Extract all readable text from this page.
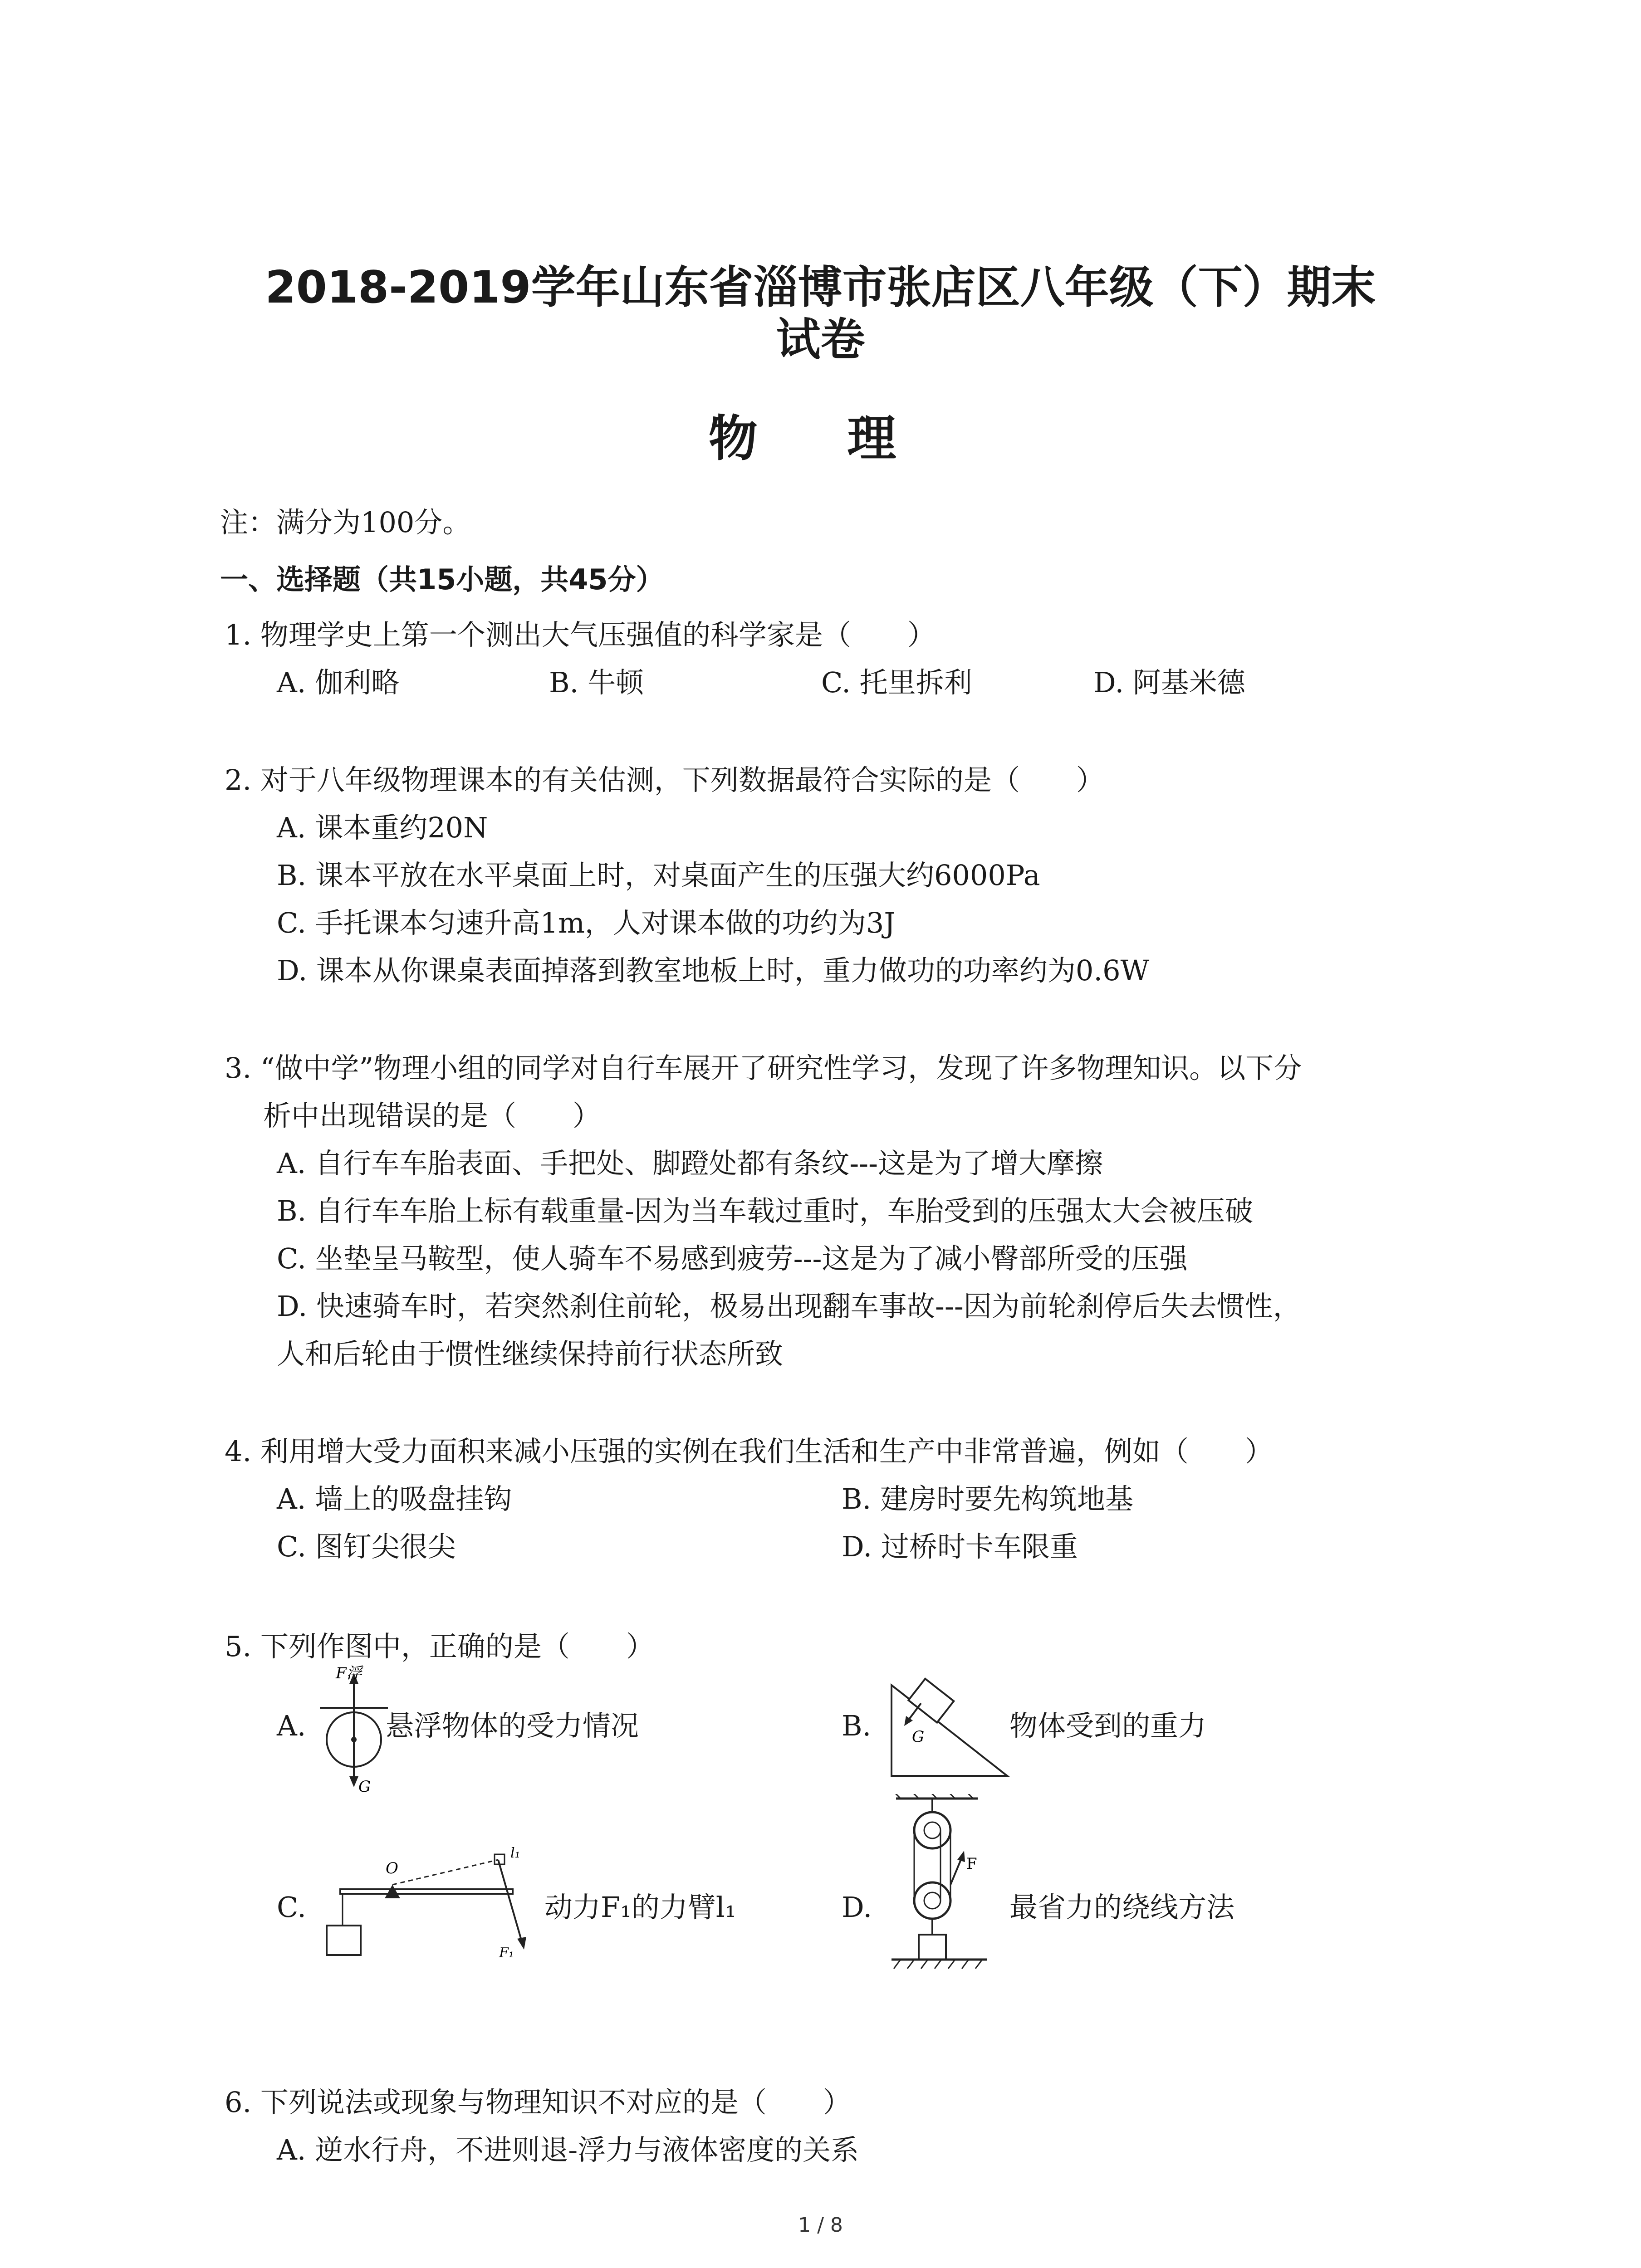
2018-2019学年山东省淄博市张店区八年级（下）期末
试卷
物 理
注：满分为100分。
一、选择题（共15小题，共45分）
1. 物理学史上第一个测出大气压强值的科学家是（　　）
A. 伽利略	B. 牛顿	C. 托里拆利	D. 阿基米德
2. 对于八年级物理课本的有关估测，下列数据最符合实际的是（　　）
A. 课本重约20N
B. 课本平放在水平桌面上时，对桌面产生的压强大约6000Pa
C. 手托课本匀速升高1m，人对课本做的功约为3J
D. 课本从你课桌表面掉落到教室地板上时，重力做功的功率约为0.6W
3. “做中学”物理小组的同学对自行车展开了研究性学习，发现了许多物理知识。以下分
析中出现错误的是（　　）
A. 自行车车胎表面、手把处、脚蹬处都有条纹---这是为了增大摩擦
B. 自行车车胎上标有载重量-因为当车载过重时，车胎受到的压强太大会被压破
C. 坐垫呈马鞍型，使人骑车不易感到疲劳---这是为了减小臀部所受的压强
D. 快速骑车时，若突然刹住前轮，极易出现翻车事故---因为前轮刹停后失去惯性，
人和后轮由于惯性继续保持前行状态所致
4. 利用增大受力面积来减小压强的实例在我们生活和生产中非常普遍，例如（　　）
A. 墙上的吸盘挂钩	B. 建房时要先构筑地基
C. 图钉尖很尖	D. 过桥时卡车限重
5. 下列作图中，正确的是（　　）
A.
F浮
G
悬浮物体的受力情况	B.	G	物体受到的重力
C.
O
l₁
F₁
动力F₁的力臂l₁	D.
F
最省力的绕线方法
6. 下列说法或现象与物理知识不对应的是（　　）
A. 逆水行舟，不进则退-浮力与液体密度的关系
1 / 8
